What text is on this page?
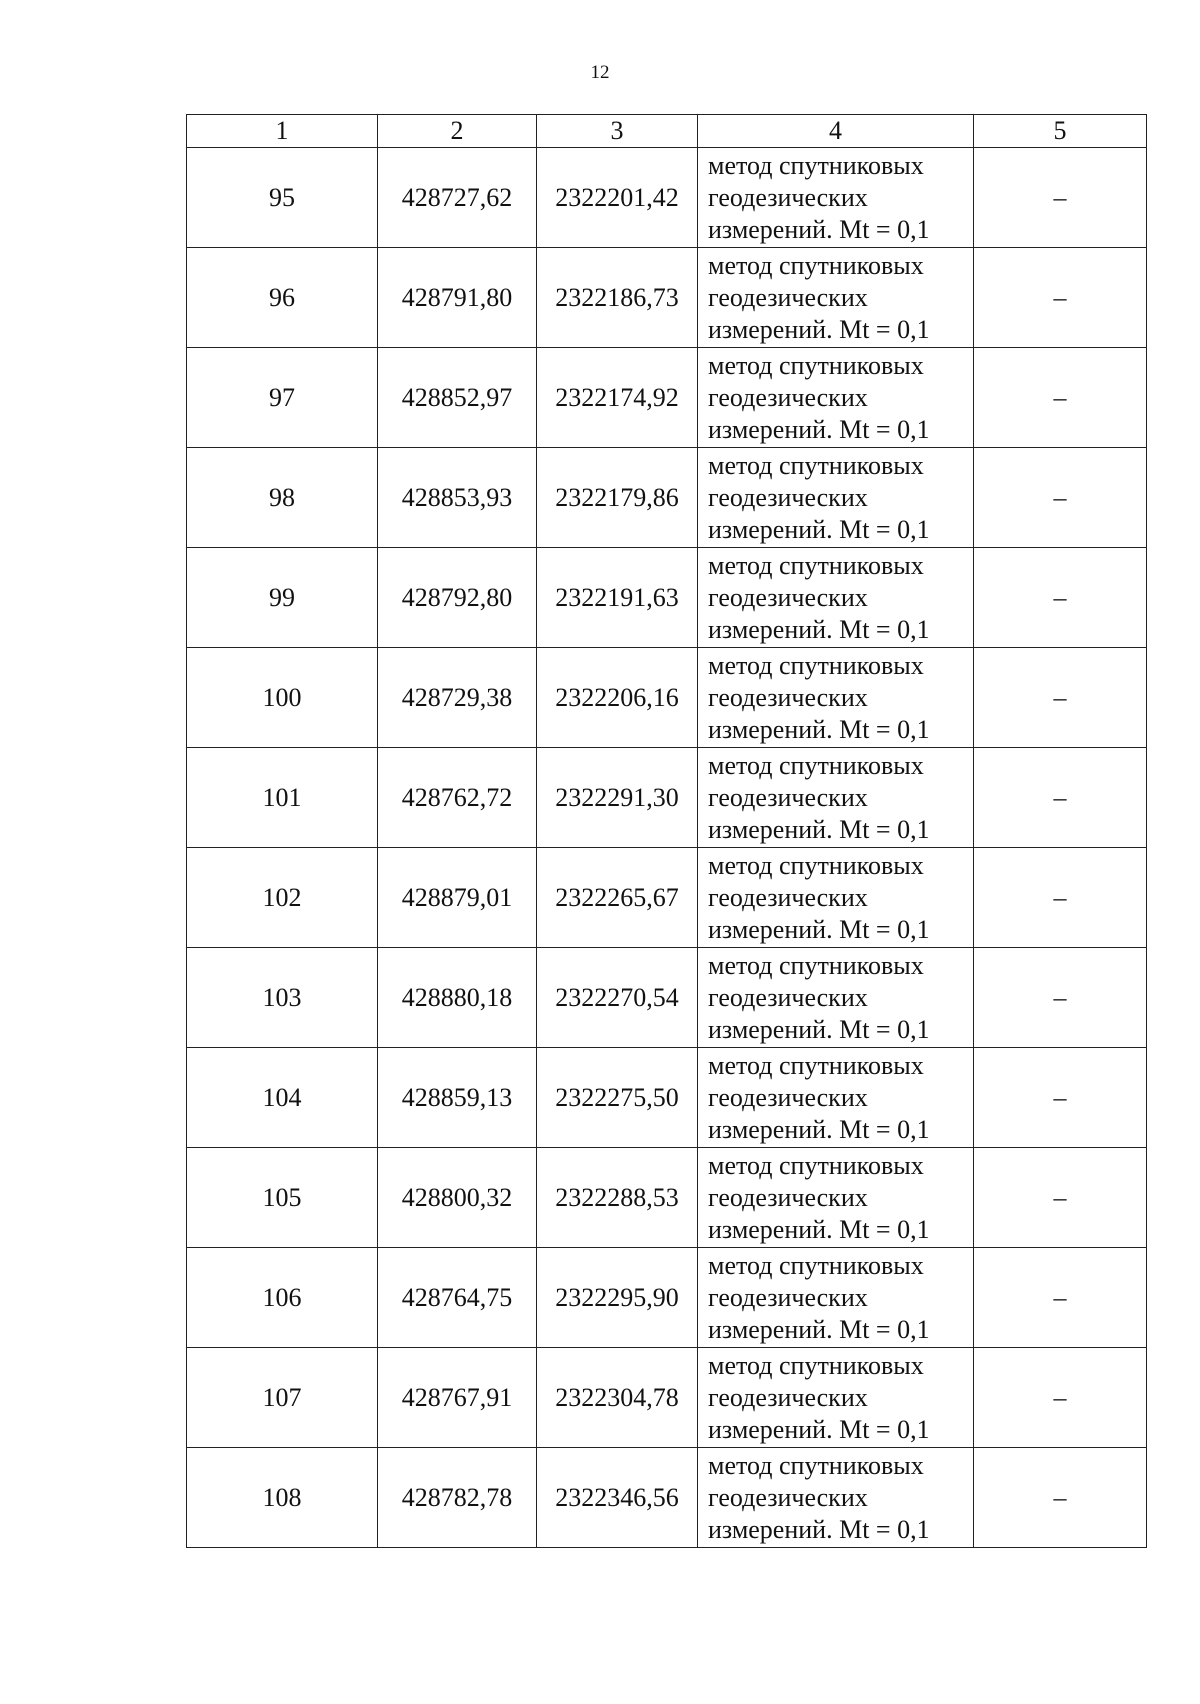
12
1	2	3	4	5
95	428727,62	2322201,42	метод спутниковых
геодезических
измерений. Mt = 0,1	–
96	428791,80	2322186,73	метод спутниковых
геодезических
измерений. Mt = 0,1	–
97	428852,97	2322174,92	метод спутниковых
геодезических
измерений. Mt = 0,1	–
98	428853,93	2322179,86	метод спутниковых
геодезических
измерений. Mt = 0,1	–
99	428792,80	2322191,63	метод спутниковых
геодезических
измерений. Mt = 0,1	–
100	428729,38	2322206,16	метод спутниковых
геодезических
измерений. Mt = 0,1	–
101	428762,72	2322291,30	метод спутниковых
геодезических
измерений. Mt = 0,1	–
102	428879,01	2322265,67	метод спутниковых
геодезических
измерений. Mt = 0,1	–
103	428880,18	2322270,54	метод спутниковых
геодезических
измерений. Mt = 0,1	–
104	428859,13	2322275,50	метод спутниковых
геодезических
измерений. Mt = 0,1	–
105	428800,32	2322288,53	метод спутниковых
геодезических
измерений. Mt = 0,1	–
106	428764,75	2322295,90	метод спутниковых
геодезических
измерений. Mt = 0,1	–
107	428767,91	2322304,78	метод спутниковых
геодезических
измерений. Mt = 0,1	–
108	428782,78	2322346,56	метод спутниковых
геодезических
измерений. Mt = 0,1	–
